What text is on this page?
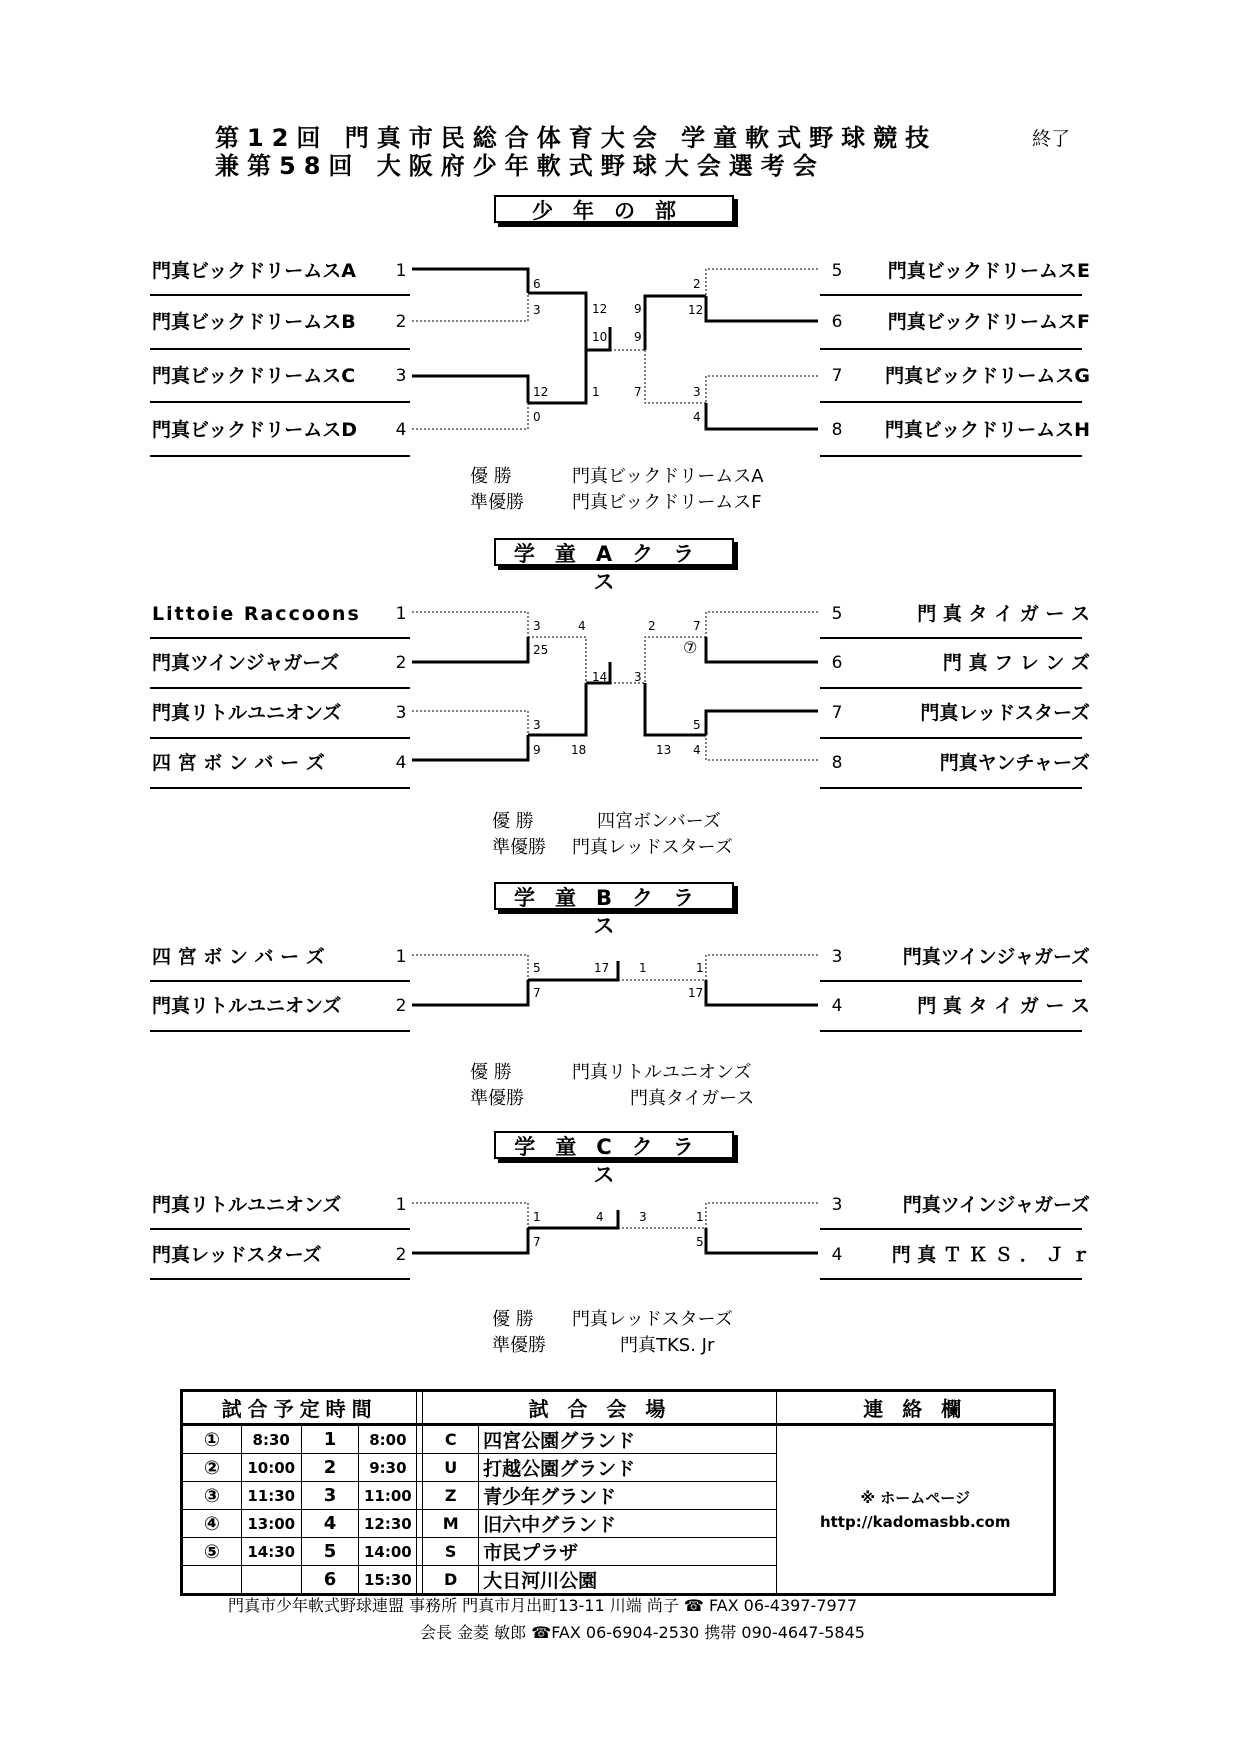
第12回 門真市民総合体育大会 学童軟式野球競技
兼第58回 大阪府少年軟式野球大会選考会
終了
少年の部
門真ビックドリームスA 1
門真ビックドリームスB 2
門真ビックドリームスC 3
門真ビックドリームスD 4
5 門真ビックドリームスE
6 門真ビックドリームスF
7 門真ビックドリームスG
8 門真ビックドリームスH
6
3
12
0
12
10
1
9
9
7
2
12
3
4
優 勝	門真ビックドリームスA
準優勝	門真ビックドリームスF
学童Aクラス
Littoie Raccoons 1
門真ツインジャガーズ	2
門真リトルユニオンズ	3
四 宮 ボ ン バ ー ズ	4
5	門 真 タ イ ガ ー ス
6	門 真 フ レ ン ズ
7	門真レッドスターズ
8	門真ヤンチャーズ
3
25
4
3
9	18
14 3
2	7
⑦
5
13 4
優 勝	四宮ボンバーズ
準優勝 門真レッドスターズ
学童Bクラス
四 宮 ボ ン バ ー ズ	1
門真リトルユニオンズ	2
3	門真ツインジャガーズ
4	門 真 タ イ ガ ー ス
5
7
17 1	1
17
優 勝	門真リトルユニオンズ
準優勝	門真タイガース
学童Cクラス
門真リトルユニオンズ	1
門真レッドスターズ	2
3	門真ツインジャガーズ
4	門 真 Ｔ Ｋ Ｓ ． Ｊ ｒ
1
7
4	3	1
5
優 勝 門真レッドスターズ
準優勝	門真TKS. Jr
試合予定時間					試 合 会 場		連 絡 欄
①	8:30	1	8:00		C	四宮公園グランド	※ ホームページ
http://kadomasbb.com

②	10:00	2	9:30		U	打越公園グランド	
③	11:30	3	11:00		Z	青少年グランド	
④	13:00	4	12:30		M	旧六中グランド	
⑤	14:30	5	14:00		S	市民プラザ	
		6	15:30		D	大日河川公園	
門真市少年軟式野球連盟 事務所 門真市月出町13-11 川端 尚子 ☎ FAX 06-4397-7977
会長 金菱 敏郎 ☎FAX 06-6904-2530 携帯 090-4647-5845
